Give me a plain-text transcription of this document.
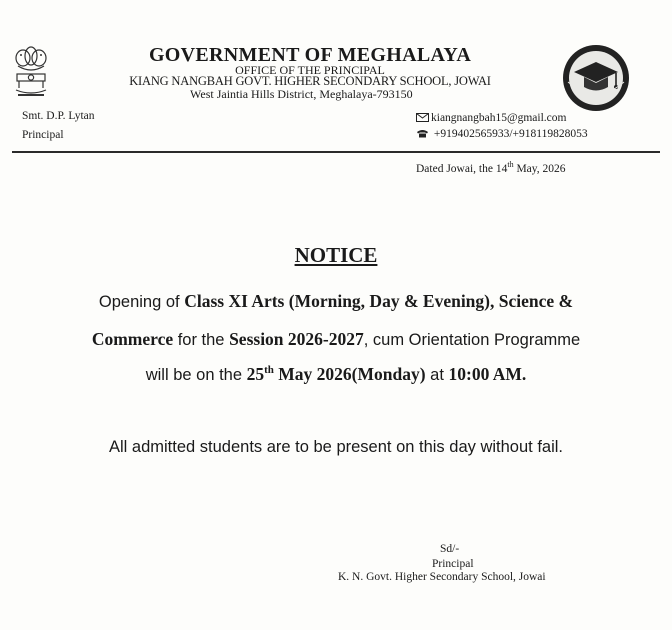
GOVERNMENT OF MEGHALAYA
OFFICE OF THE PRINCIPAL
KIANG NANGBAH GOVT. HIGHER SECONDARY SCHOOL, JOWAI
West Jaintia Hills District, Meghalaya-793150
Smt. D.P. Lytan
Principal
kiangnangbah15@gmail.com
+919402565933/+918119828053
Dated Jowai, the 14th May, 2026
NOTICE
Opening of Class XI Arts (Morning, Day & Evening), Science &
Commerce for the Session 2026-2027, cum Orientation Programme
will be on the 25th May 2026(Monday) at 10:00 AM.
All admitted students are to be present on this day without fail.
Sd/-
Principal
K. N. Govt. Higher Secondary School, Jowai
